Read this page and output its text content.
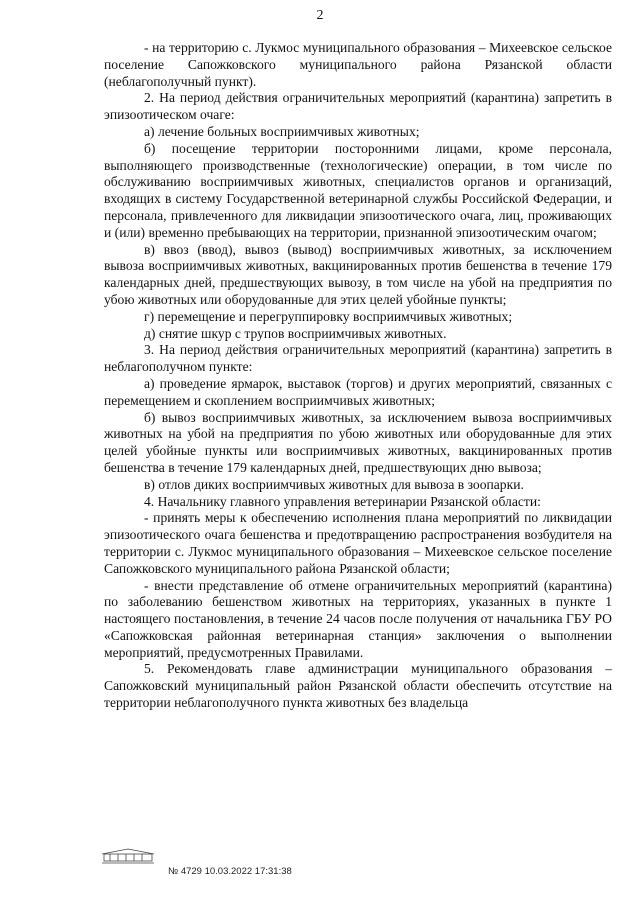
2

- на территорию с. Лукмос муниципального образования – Михеевское сельское поселение Сапожковского муниципального района Рязанской области (неблагополучный пункт).

2. На период действия ограничительных мероприятий (карантина) запретить в эпизоотическом очаге:

а) лечение больных восприимчивых животных;

б) посещение территории посторонними лицами, кроме персонала, выполняющего производственные (технологические) операции, в том числе по обслуживанию восприимчивых животных, специалистов органов и организаций, входящих в систему Государственной ветеринарной службы Российской Федерации, и персонала, привлеченного для ликвидации эпизоотического очага, лиц, проживающих и (или) временно пребывающих на территории, признанной эпизоотическим очагом;

в) ввоз (ввод), вывоз (вывод) восприимчивых животных, за исключением вывоза восприимчивых животных, вакцинированных против бешенства в течение 179 календарных дней, предшествующих вывозу, в том числе на убой на предприятия по убою животных или оборудованные для этих целей убойные пункты;

г) перемещение и перегруппировку восприимчивых животных;

д) снятие шкур с трупов восприимчивых животных.

3. На период действия ограничительных мероприятий (карантина) запретить в неблагополучном пункте:

а) проведение ярмарок, выставок (торгов) и других мероприятий, связанных с перемещением и скоплением восприимчивых животных;

б) вывоз восприимчивых животных, за исключением вывоза восприимчивых животных на убой на предприятия по убою животных или оборудованные для этих целей убойные пункты или восприимчивых животных, вакцинированных против бешенства в течение 179 календарных дней, предшествующих дню вывоза;

в) отлов диких восприимчивых животных для вывоза в зоопарки.

4. Начальнику главного управления ветеринарии Рязанской области:

- принять меры к обеспечению исполнения плана мероприятий по ликвидации эпизоотического очага бешенства и предотвращению распространения возбудителя на территории с. Лукмос муниципального образования – Михеевское сельское поселение Сапожковского муниципального района Рязанской области;

- внести представление об отмене ограничительных мероприятий (карантина) по заболеванию бешенством животных на территориях, указанных в пункте 1 настоящего постановления, в течение 24 часов после получения от начальника ГБУ РО «Сапожковская районная ветеринарная станция» заключения о выполнении мероприятий, предусмотренных Правилами.

5. Рекомендовать главе администрации муниципального образования – Сапожковский муниципальный район Рязанской области обеспечить отсутствие на территории неблагополучного пункта животных без владельца

№ 4729 10.03.2022 17:31:38
